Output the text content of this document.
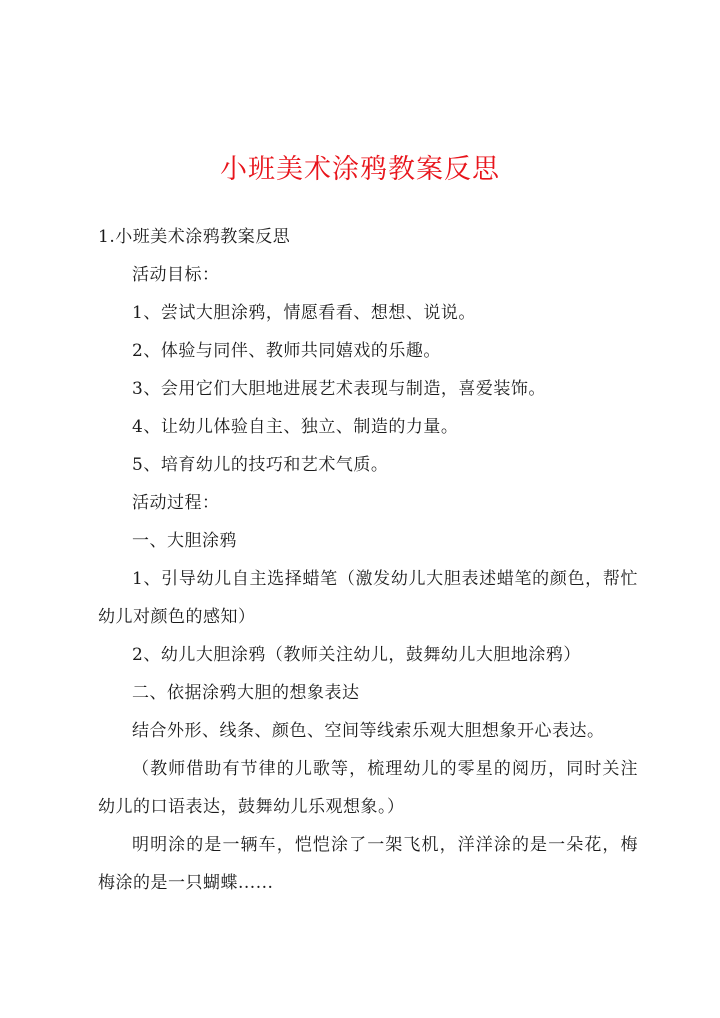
小班美术涂鸦教案反思

1.小班美术涂鸦教案反思

活动目标：

1、尝试大胆涂鸦，情愿看看、想想、说说。

2、体验与同伴、教师共同嬉戏的乐趣。

3、会用它们大胆地进展艺术表现与制造，喜爱装饰。

4、让幼儿体验自主、独立、制造的力量。

5、培育幼儿的技巧和艺术气质。

活动过程：

一、大胆涂鸦

1、引导幼儿自主选择蜡笔（激发幼儿大胆表述蜡笔的颜色，帮忙幼儿对颜色的感知）

2、幼儿大胆涂鸦（教师关注幼儿，鼓舞幼儿大胆地涂鸦）

二、依据涂鸦大胆的想象表达

结合外形、线条、颜色、空间等线索乐观大胆想象开心表达。

（教师借助有节律的儿歌等，梳理幼儿的零星的阅历，同时关注幼儿的口语表达，鼓舞幼儿乐观想象。）

明明涂的是一辆车，恺恺涂了一架飞机，洋洋涂的是一朵花，梅梅涂的是一只蝴蝶......
